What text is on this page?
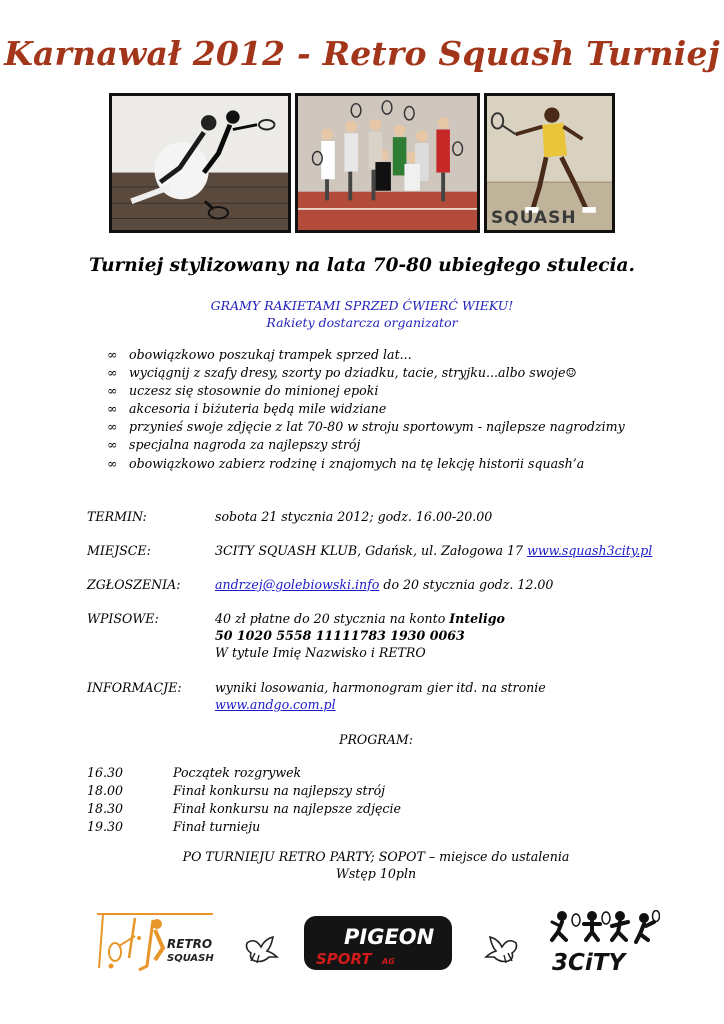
Karnawał 2012 - Retro Squash Turniej
SQUASH
Turniej stylizowany na lata 70-80 ubiegłego stulecia.
GRAMY RAKIETAMI SPRZED ĆWIERĆ WIEKU!
Rakiety dostarcza organizator
∞ obowiązkowo poszukaj trampek sprzed lat...
∞ wyciągnij z szafy dresy, szorty po dziadku, tacie, stryjku...albo swoje☺
∞ uczesz się stosownie do minionej epoki
∞ akcesoria i biżuteria będą mile widziane
∞ przynieś swoje zdjęcie z lat 70-80 w stroju sportowym - najlepsze nagrodzimy
∞ specjalna nagroda za najlepszy strój
∞ obowiązkowo zabierz rodzinę i znajomych na tę lekcję historii squash’a
TERMIN:	sobota 21 stycznia 2012; godz. 16.00-20.00
MIEJSCE:	3CITY SQUASH KLUB, Gdańsk, ul. Załogowa 17 www.squash3city.pl
ZGŁOSZENIA:	andrzej@golebiowski.info do 20 stycznia godz. 12.00
WPISOWE:	40 zł płatne do 20 stycznia na konto Inteligo
50 1020 5558 11111783 1930 0063
W tytule Imię Nazwisko i RETRO
INFORMACJE:	wyniki losowania, harmonogram gier itd. na stronie
www.andgo.com.pl
PROGRAM:
16.30	Początek rozgrywek
18.00	Finał konkursu na najlepszy strój
18.30	Finał konkursu na najlepsze zdjęcie
19.30	Finał turnieju
PO TURNIEJU RETRO PARTY; SOPOT – miejsce do ustalenia
Wstęp 10pln
RETRO
SQUASH
PIGEON
SPORT AG	3CiTY
